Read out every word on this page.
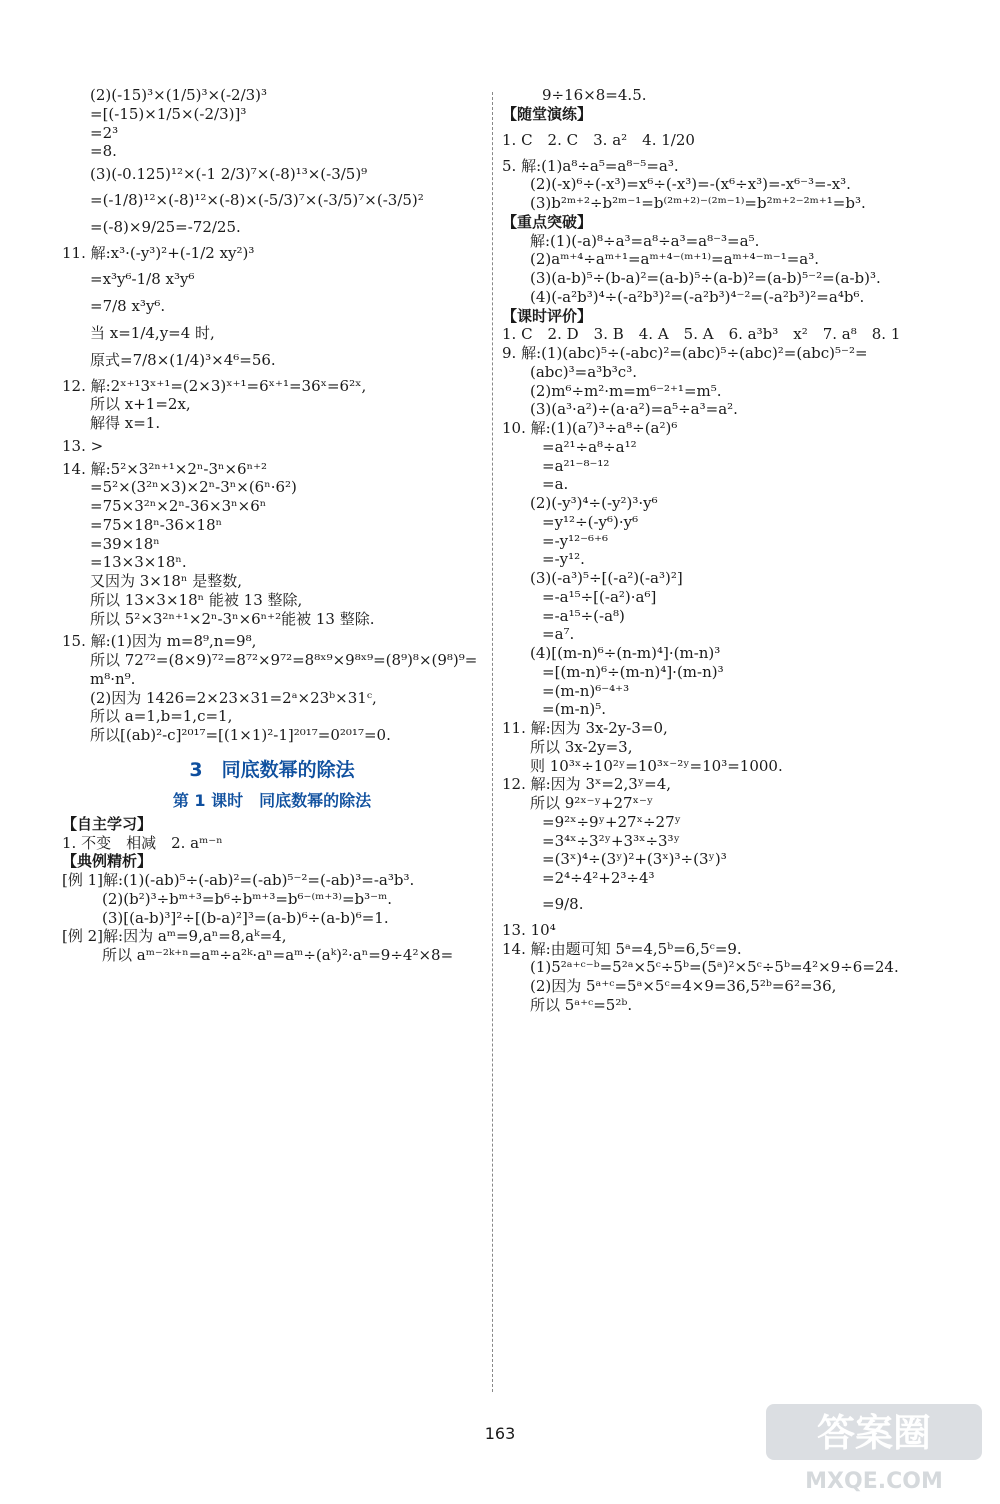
(2)(-15)³×(1/5)³×(-2/3)³
=[(-15)×1/5×(-2/3)]³
=2³
=8.
(3)(-0.125)¹²×(-1 2/3)⁷×(-8)¹³×(-3/5)⁹
=(-1/8)¹²×(-8)¹²×(-8)×(-5/3)⁷×(-3/5)⁷×(-3/5)²
=(-8)×9/25=-72/25.
11. 解:x³·(-y³)²+(-1/2 xy²)³
=x³y⁶-1/8 x³y⁶
=7/8 x³y⁶.
当 x=1/4,y=4 时,
原式=7/8×(1/4)³×4⁶=56.
12. 解:2ˣ⁺¹3ˣ⁺¹=(2×3)ˣ⁺¹=6ˣ⁺¹=36ˣ=6²ˣ,
所以 x+1=2x,
解得 x=1.
13. >
14. 解:5²×3²ⁿ⁺¹×2ⁿ-3ⁿ×6ⁿ⁺²
=5²×(3²ⁿ×3)×2ⁿ-3ⁿ×(6ⁿ·6²)
=75×3²ⁿ×2ⁿ-36×3ⁿ×6ⁿ
=75×18ⁿ-36×18ⁿ
=39×18ⁿ
=13×3×18ⁿ.
又因为 3×18ⁿ 是整数,
所以 13×3×18ⁿ 能被 13 整除,
所以 5²×3²ⁿ⁺¹×2ⁿ-3ⁿ×6ⁿ⁺²能被 13 整除.
15. 解:(1)因为 m=8⁹,n=9⁸,
所以 72⁷²=(8×9)⁷²=8⁷²×9⁷²=8⁸ˣ⁹×9⁸ˣ⁹=(8⁹)⁸×(9⁸)⁹=
m⁸·n⁹.
(2)因为 1426=2×23×31=2ᵃ×23ᵇ×31ᶜ,
所以 a=1,b=1,c=1,
所以[(ab)²-c]²⁰¹⁷=[(1×1)²-1]²⁰¹⁷=0²⁰¹⁷=0.
3　同底数幂的除法
第 1 课时　同底数幂的除法
【自主学习】
1. 不变　相减　2. aᵐ⁻ⁿ
【典例精析】
[例 1]解:(1)(-ab)⁵÷(-ab)²=(-ab)⁵⁻²=(-ab)³=-a³b³.
(2)(b²)³÷bᵐ⁺³=b⁶÷bᵐ⁺³=b⁶⁻⁽ᵐ⁺³⁾=b³⁻ᵐ.
(3)[(a-b)³]²÷[(b-a)²]³=(a-b)⁶÷(a-b)⁶=1.
[例 2]解:因为 aᵐ=9,aⁿ=8,aᵏ=4,
所以 aᵐ⁻²ᵏ⁺ⁿ=aᵐ÷a²ᵏ·aⁿ=aᵐ÷(aᵏ)²·aⁿ=9÷4²×8=
9÷16×8=4.5.
【随堂演练】
1. C　2. C　3. a²　4. 1/20
5. 解:(1)a⁸÷a⁵=a⁸⁻⁵=a³.
(2)(-x)⁶÷(-x³)=x⁶÷(-x³)=-(x⁶÷x³)=-x⁶⁻³=-x³.
(3)b²ᵐ⁺²÷b²ᵐ⁻¹=b⁽²ᵐ⁺²⁾⁻⁽²ᵐ⁻¹⁾=b²ᵐ⁺²⁻²ᵐ⁺¹=b³.
【重点突破】
解:(1)(-a)⁸÷a³=a⁸÷a³=a⁸⁻³=a⁵.
(2)aᵐ⁺⁴÷aᵐ⁺¹=aᵐ⁺⁴⁻⁽ᵐ⁺¹⁾=aᵐ⁺⁴⁻ᵐ⁻¹=a³.
(3)(a-b)⁵÷(b-a)²=(a-b)⁵÷(a-b)²=(a-b)⁵⁻²=(a-b)³.
(4)(-a²b³)⁴÷(-a²b³)²=(-a²b³)⁴⁻²=(-a²b³)²=a⁴b⁶.
【课时评价】
1. C　2. D　3. B　4. A　5. A　6. a³b³　x²　7. a⁸　8. 1
9. 解:(1)(abc)⁵÷(-abc)²=(abc)⁵÷(abc)²=(abc)⁵⁻²=
(abc)³=a³b³c³.
(2)m⁶÷m²·m=m⁶⁻²⁺¹=m⁵.
(3)(a³·a²)÷(a·a²)=a⁵÷a³=a².
10. 解:(1)(a⁷)³÷a⁸÷(a²)⁶
=a²¹÷a⁸÷a¹²
=a²¹⁻⁸⁻¹²
=a.
(2)(-y³)⁴÷(-y²)³·y⁶
=y¹²÷(-y⁶)·y⁶
=-y¹²⁻⁶⁺⁶
=-y¹².
(3)(-a³)⁵÷[(-a²)(-a³)²]
=-a¹⁵÷[(-a²)·a⁶]
=-a¹⁵÷(-a⁸)
=a⁷.
(4)[(m-n)⁶÷(n-m)⁴]·(m-n)³
=[(m-n)⁶÷(m-n)⁴]·(m-n)³
=(m-n)⁶⁻⁴⁺³
=(m-n)⁵.
11. 解:因为 3x-2y-3=0,
所以 3x-2y=3,
则 10³ˣ÷10²ʸ=10³ˣ⁻²ʸ=10³=1000.
12. 解:因为 3ˣ=2,3ʸ=4,
所以 9²ˣ⁻ʸ+27ˣ⁻ʸ
=9²ˣ÷9ʸ+27ˣ÷27ʸ
=3⁴ˣ÷3²ʸ+3³ˣ÷3³ʸ
=(3ˣ)⁴÷(3ʸ)²+(3ˣ)³÷(3ʸ)³
=2⁴÷4²+2³÷4³
=9/8.
13. 10⁴
14. 解:由题可知 5ᵃ=4,5ᵇ=6,5ᶜ=9.
(1)5²ᵃ⁺ᶜ⁻ᵇ=5²ᵃ×5ᶜ÷5ᵇ=(5ᵃ)²×5ᶜ÷5ᵇ=4²×9÷6=24.
(2)因为 5ᵃ⁺ᶜ=5ᵃ×5ᶜ=4×9=36,5²ᵇ=6²=36,
所以 5ᵃ⁺ᶜ=5²ᵇ.
163	答案圈
MXQE.COM
